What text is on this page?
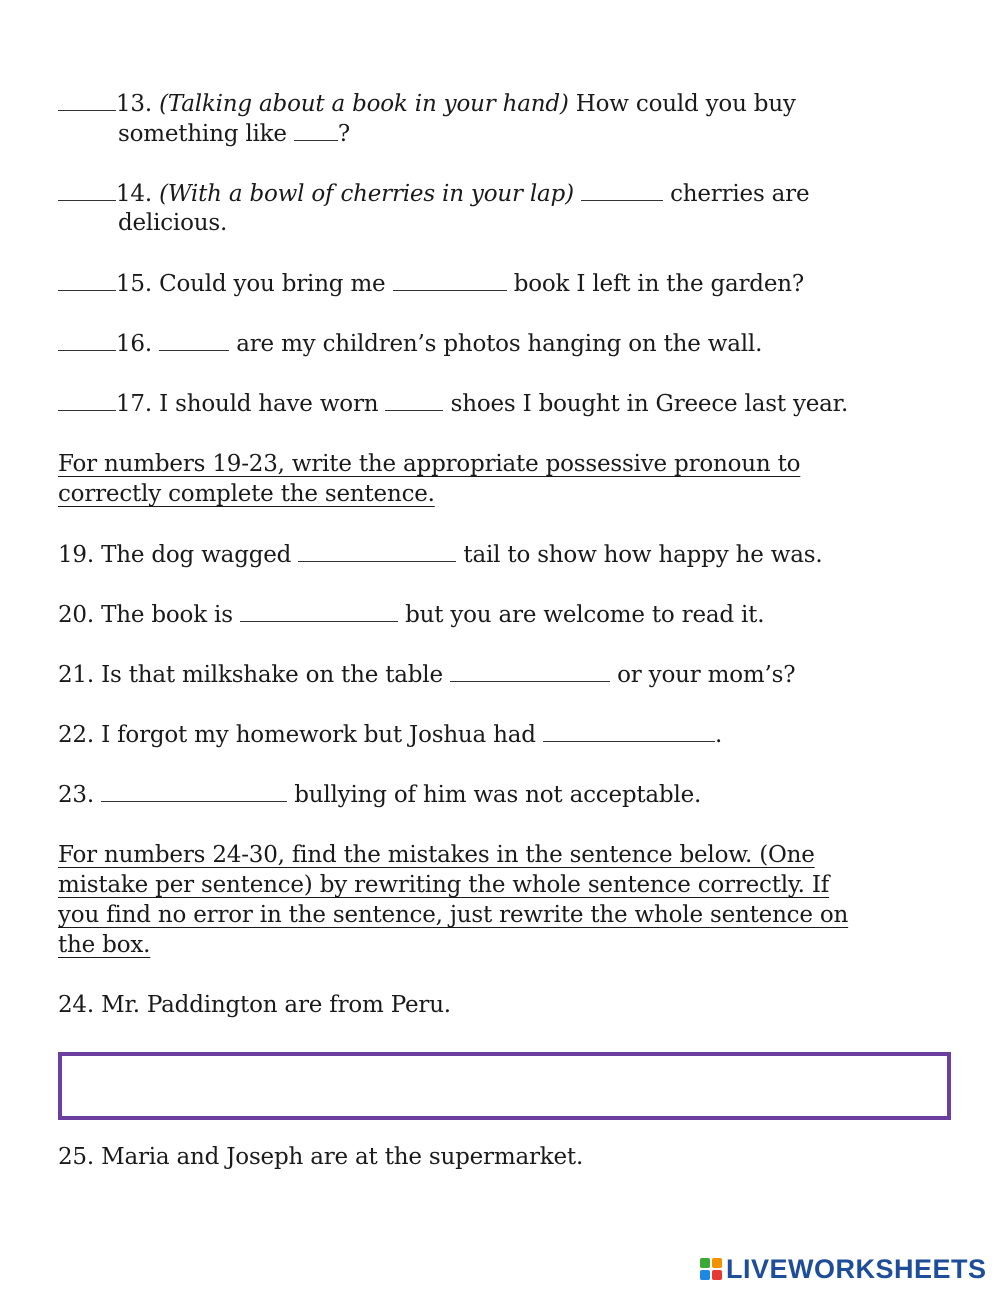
13. (Talking about a book in your hand) How could you buy
something like ?
14. (With a bowl of cherries in your lap)	cherries are
delicious.
15. Could you bring me	book I left in the garden?
16.	are my children’s photos hanging on the wall.
17. I should have worn	shoes I bought in Greece last year.
For numbers 19-23, write the appropriate possessive pronoun to
correctly complete the sentence.
19. The dog wagged	tail to show how happy he was.
20. The book is	but you are welcome to read it.
21. Is that milkshake on the table	or your mom’s?
22. I forgot my homework but Joshua had	.
23.	bullying of him was not acceptable.
For numbers 24-30, find the mistakes in the sentence below. (One
mistake per sentence) by rewriting the whole sentence correctly. If
you find no error in the sentence, just rewrite the whole sentence on
the box.
24. Mr. Paddington are from Peru.
25. Maria and Joseph are at the supermarket.
LIVEWORKSHEETS
